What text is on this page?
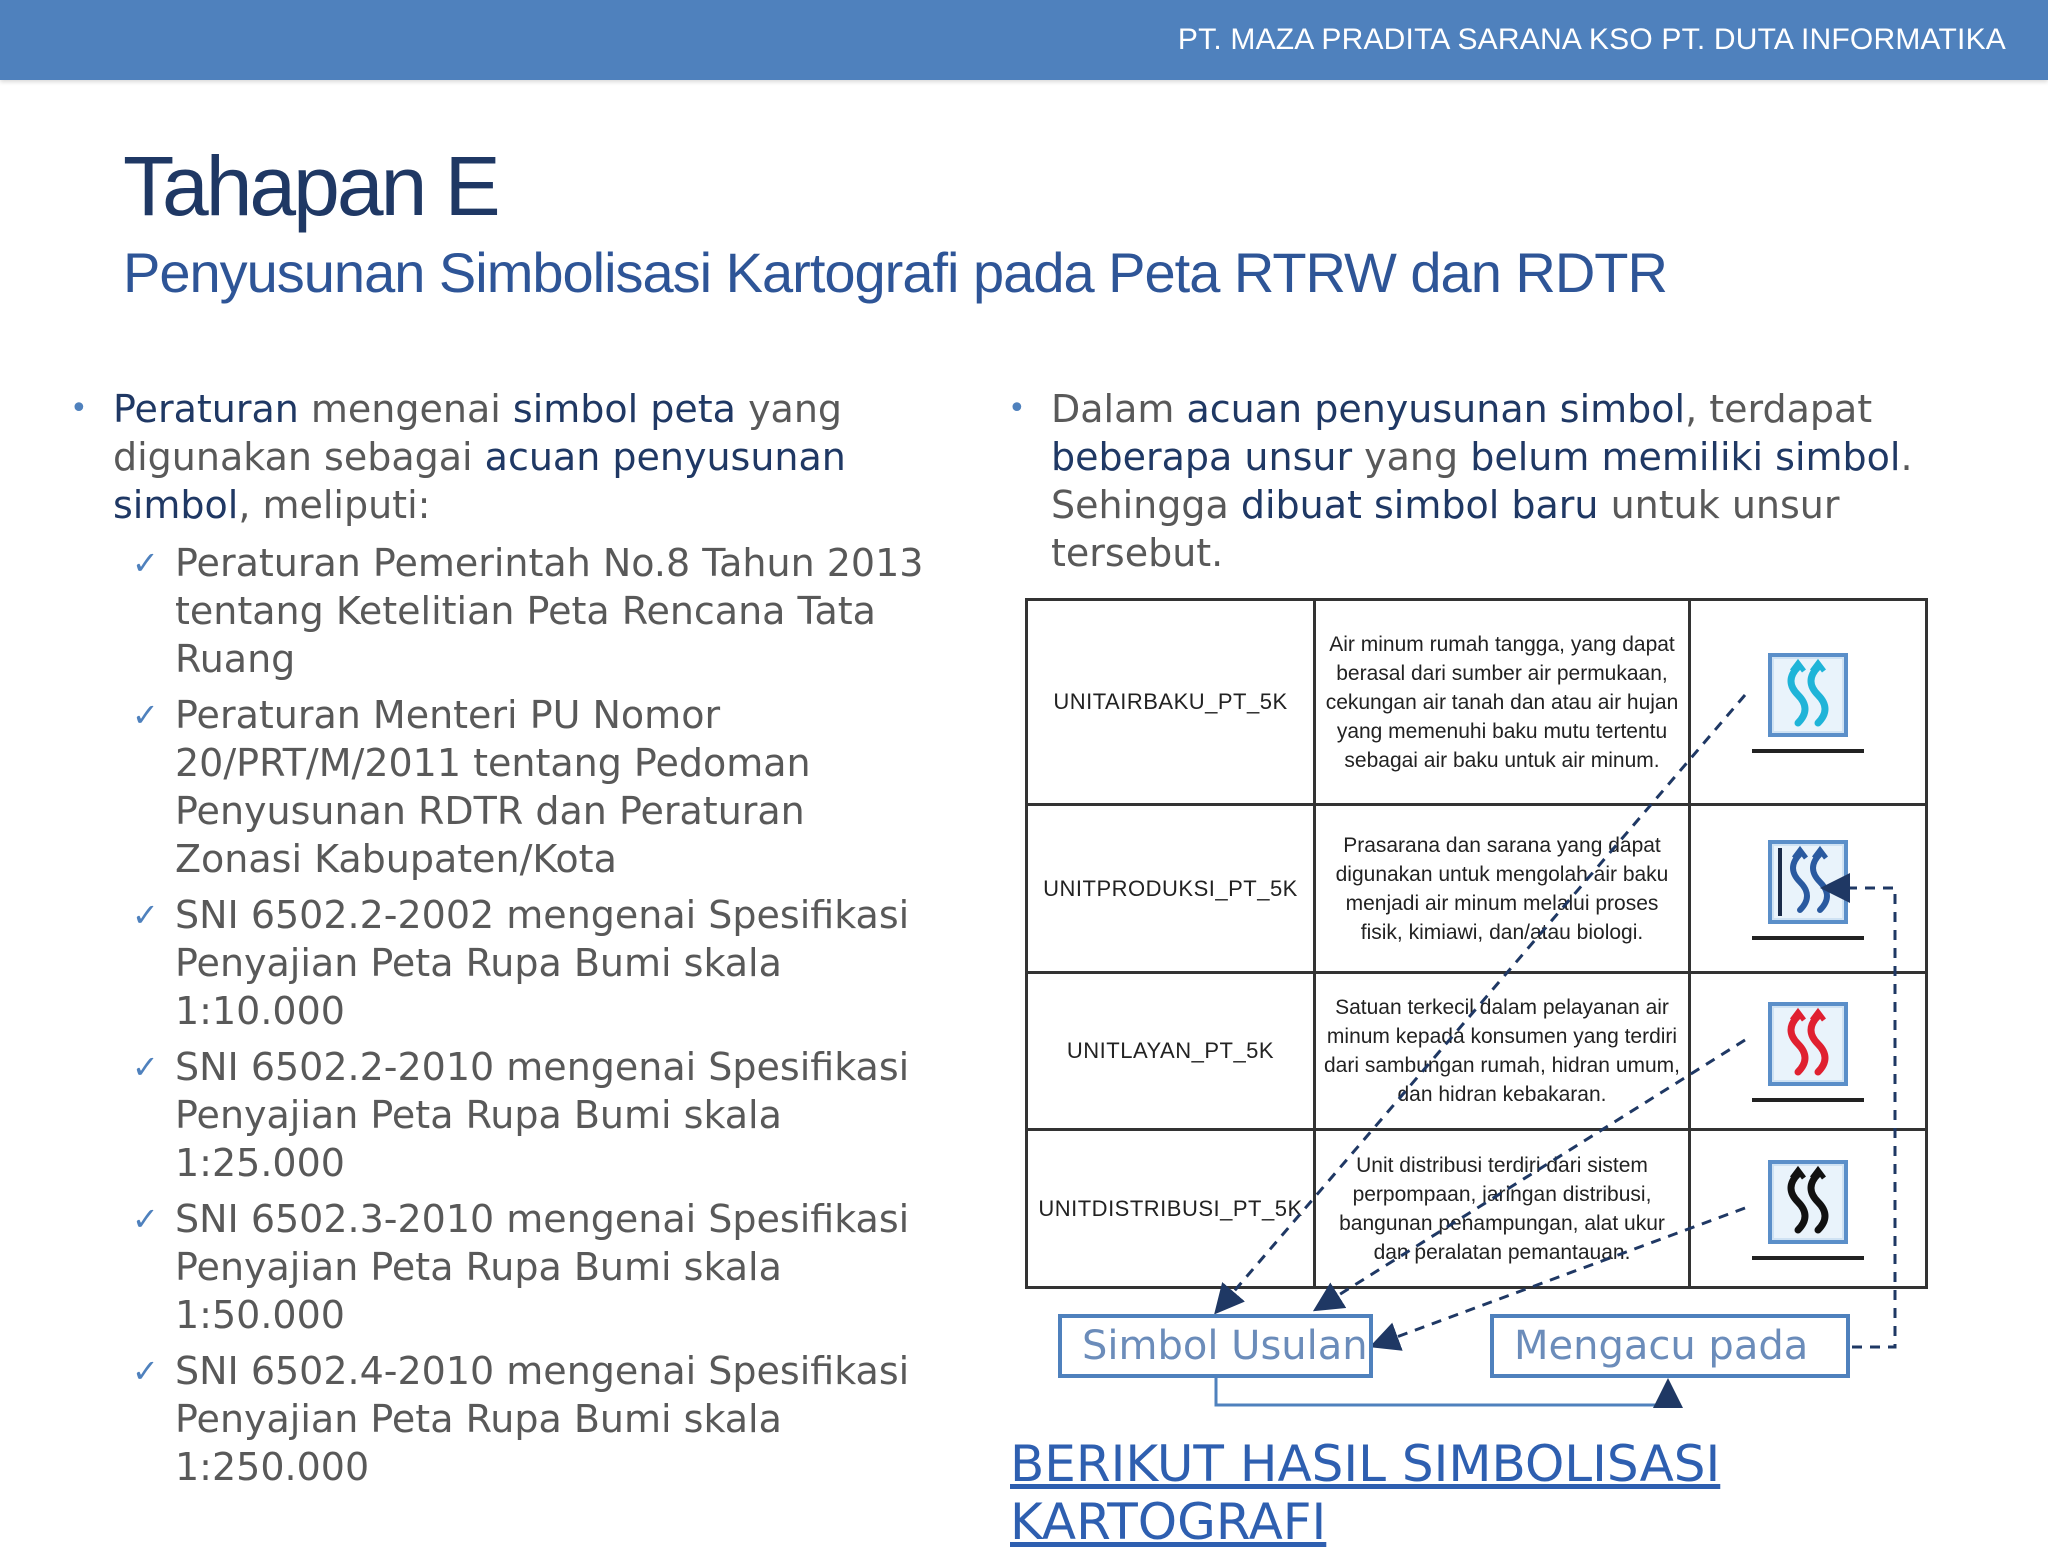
PT. MAZA PRADITA SARANA KSO PT. DUTA INFORMATIKA
Tahapan E
Penyusunan Simbolisasi Kartografi pada Peta RTRW dan RDTR
• Peraturan mengenai simbol peta yang digunakan sebagai acuan penyusunan simbol, meliputi:
✓ Peraturan Pemerintah No.8 Tahun 2013 tentang Ketelitian Peta Rencana Tata Ruang
✓ Peraturan Menteri PU Nomor 20/PRT/M/2011 tentang Pedoman Penyusunan RDTR dan Peraturan Zonasi Kabupaten/Kota
✓ SNI 6502.2-2002 mengenai Spesifikasi Penyajian Peta Rupa Bumi skala 1:10.000
✓ SNI 6502.2-2010 mengenai Spesifikasi Penyajian Peta Rupa Bumi skala 1:25.000
✓ SNI 6502.3-2010 mengenai Spesifikasi Penyajian Peta Rupa Bumi skala 1:50.000
✓ SNI 6502.4-2010 mengenai Spesifikasi Penyajian Peta Rupa Bumi skala 1:250.000
• Dalam acuan penyusunan simbol, terdapat beberapa unsur yang belum memiliki simbol. Sehingga dibuat simbol baru untuk unsur tersebut.
UNITAIRBAKU_PT_5K	Air minum rumah tangga, yang dapat berasal dari sumber air permukaan, cekungan air tanah dan atau air hujan yang memenuhi baku mutu tertentu sebagai air baku untuk air minum.	

UNITPRODUKSI_PT_5K	Prasarana dan sarana yang dapat digunakan untuk mengolah air baku menjadi air minum melalui proses fisik, kimiawi, dan/atau biologi.	

UNITLAYAN_PT_5K	Satuan terkecil dalam pelayanan air minum kepada konsumen yang terdiri dari sambungan rumah, hidran umum, dan hidran kebakaran.	

UNITDISTRIBUSI_PT_5K	Unit distribusi terdiri dari sistem perpompaan, jaringan distribusi, bangunan penampungan, alat ukur dan peralatan pemantauan.	
Simbol Usulan	Mengacu pada
BERIKUT HASIL SIMBOLISASI KARTOGRAFI
